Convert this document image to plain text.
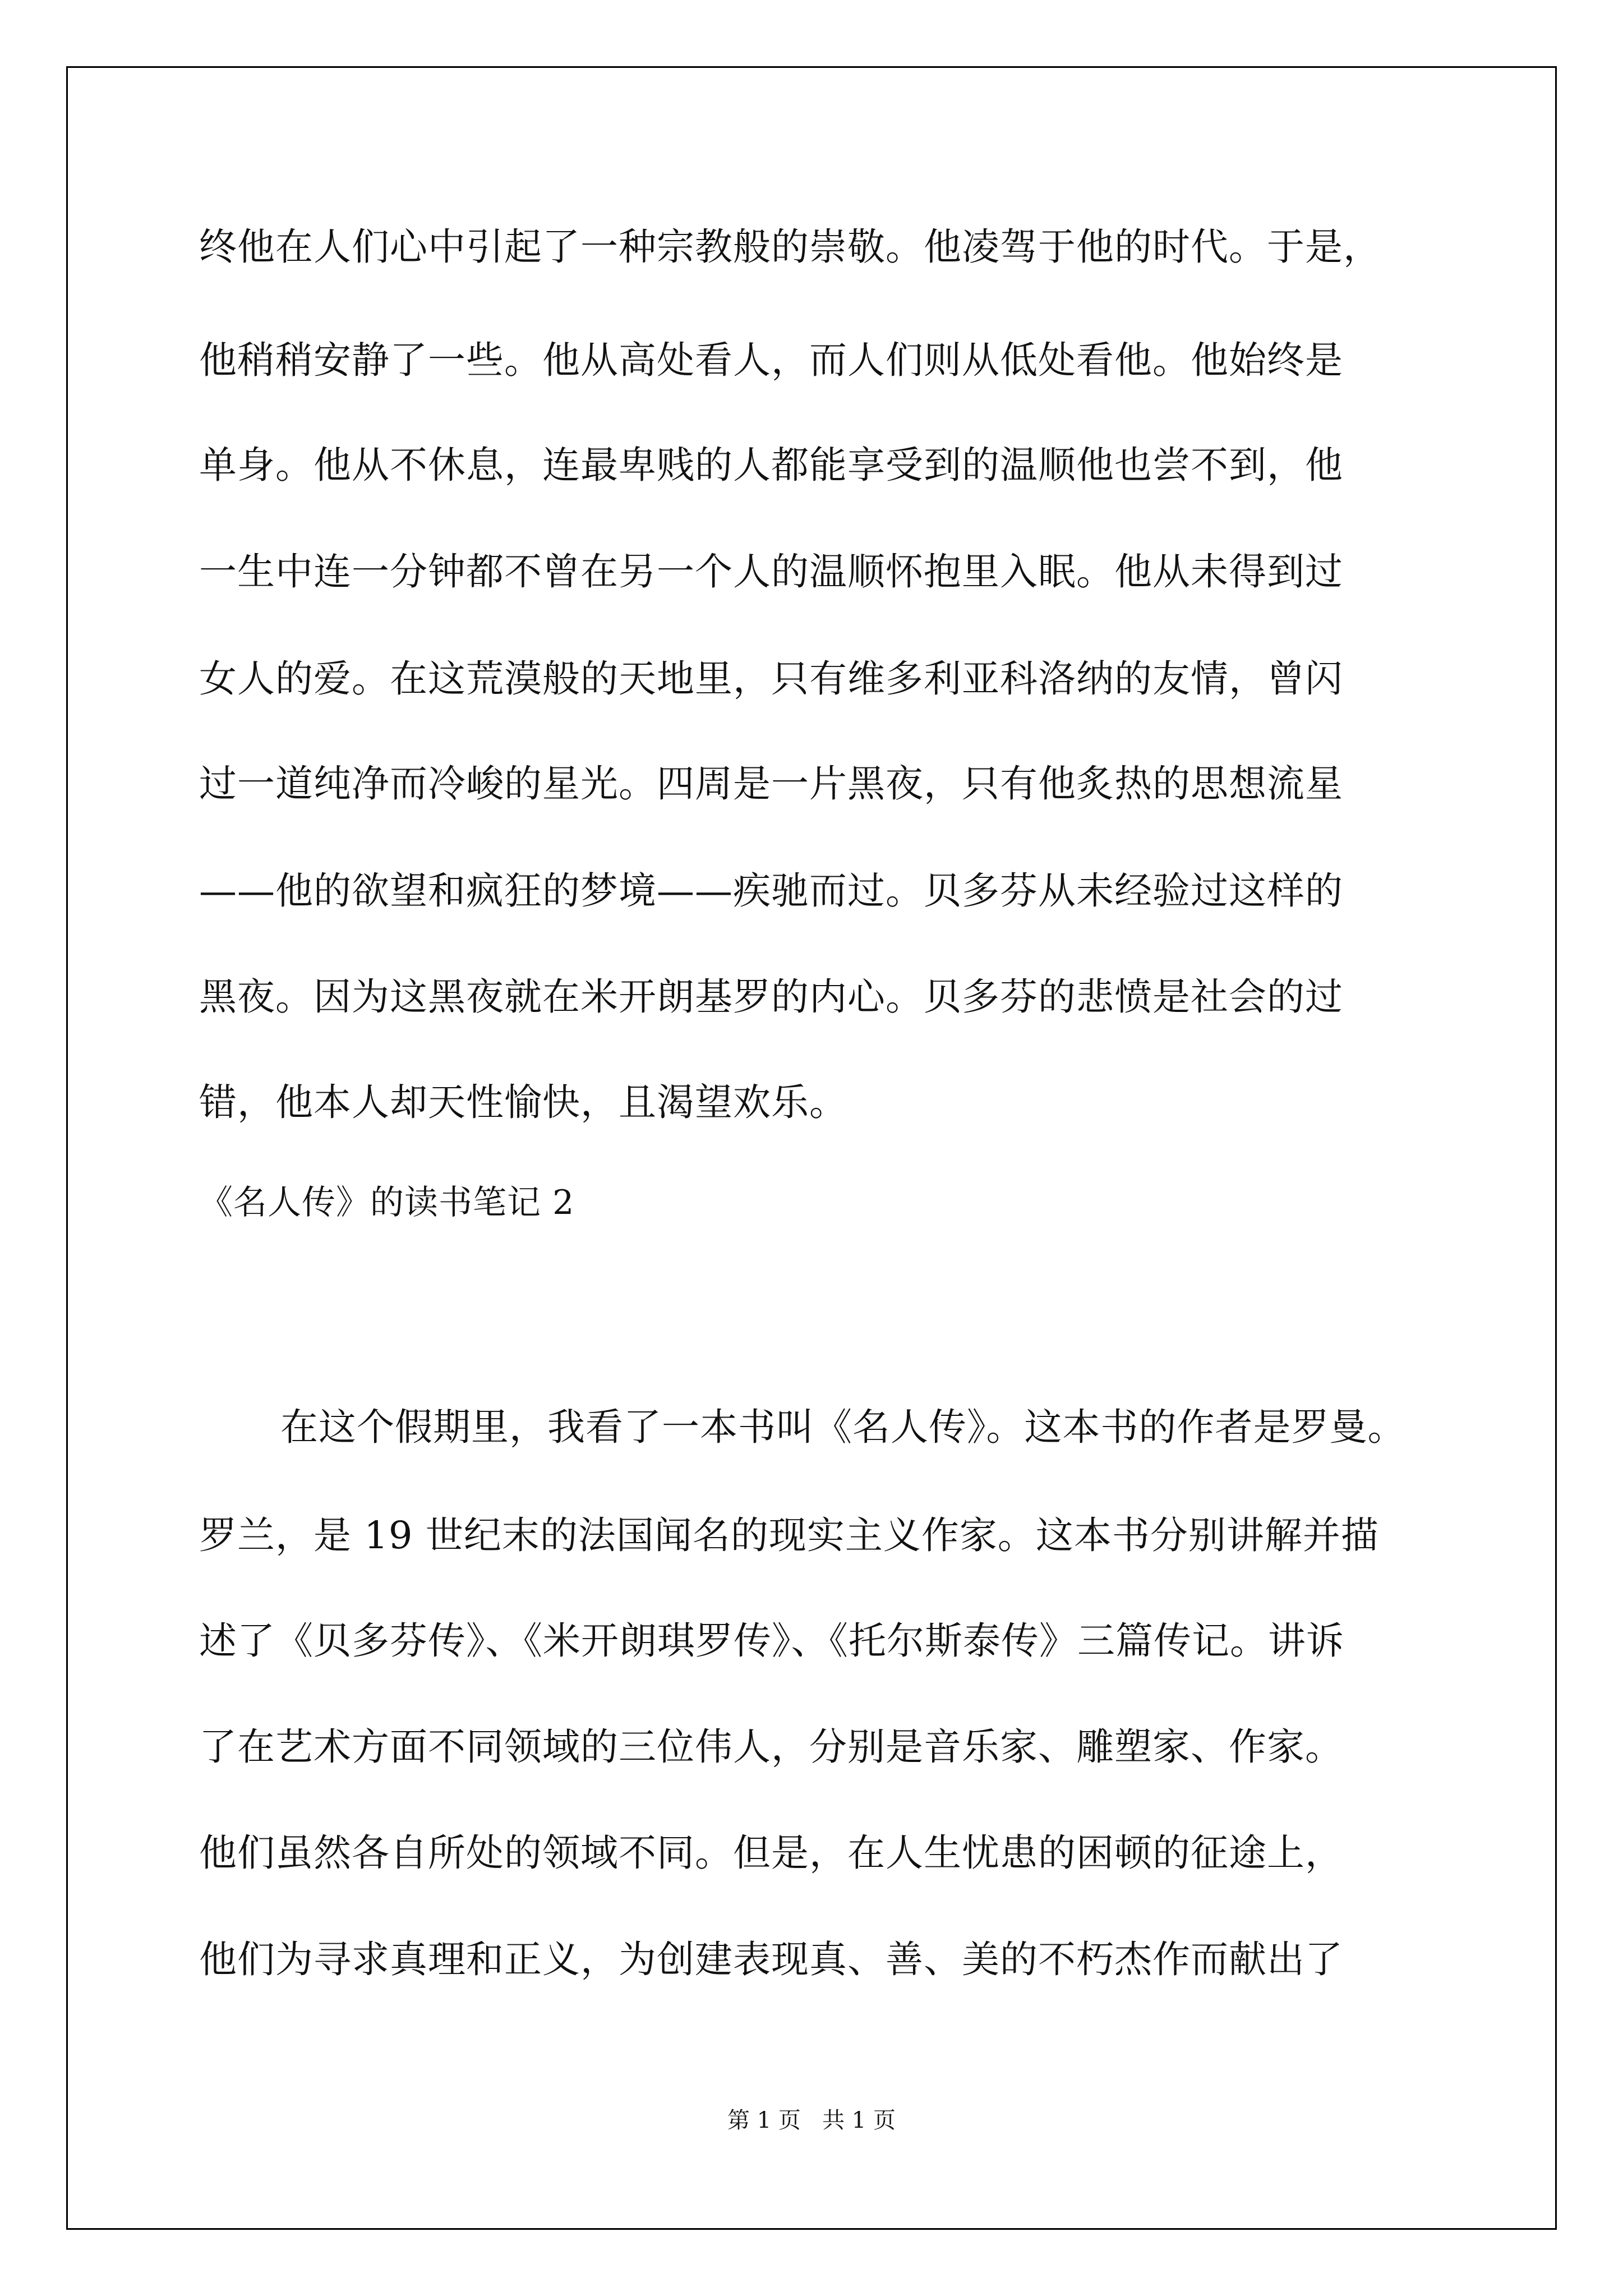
终他在人们心中引起了一种宗教般的崇敬。他凌驾于他的时代。于是，
他稍稍安静了一些。他从高处看人，而人们则从低处看他。他始终是
单身。他从不休息，连最卑贱的人都能享受到的温顺他也尝不到，他
一生中连一分钟都不曾在另一个人的温顺怀抱里入眠。他从未得到过
女人的爱。在这荒漠般的天地里，只有维多利亚科洛纳的友情，曾闪
过一道纯净而冷峻的星光。四周是一片黑夜，只有他炙热的思想流星
——他的欲望和疯狂的梦境——疾驰而过。贝多芬从未经验过这样的
黑夜。因为这黑夜就在米开朗基罗的内心。贝多芬的悲愤是社会的过
错，他本人却天性愉快，且渴望欢乐。
《名人传》的读书笔记 2
在这个假期里，我看了一本书叫《名人传》。这本书的作者是罗曼。
罗兰，是 19 世纪末的法国闻名的现实主义作家。这本书分别讲解并描
述了《贝多芬传》、《米开朗琪罗传》、《托尔斯泰传》三篇传记。讲诉
了在艺术方面不同领域的三位伟人，分别是音乐家、雕塑家、作家。
他们虽然各自所处的领域不同。但是，在人生忧患的困顿的征途上，
他们为寻求真理和正义，为创建表现真、善、美的不朽杰作而献出了
第 1 页   共 1 页
